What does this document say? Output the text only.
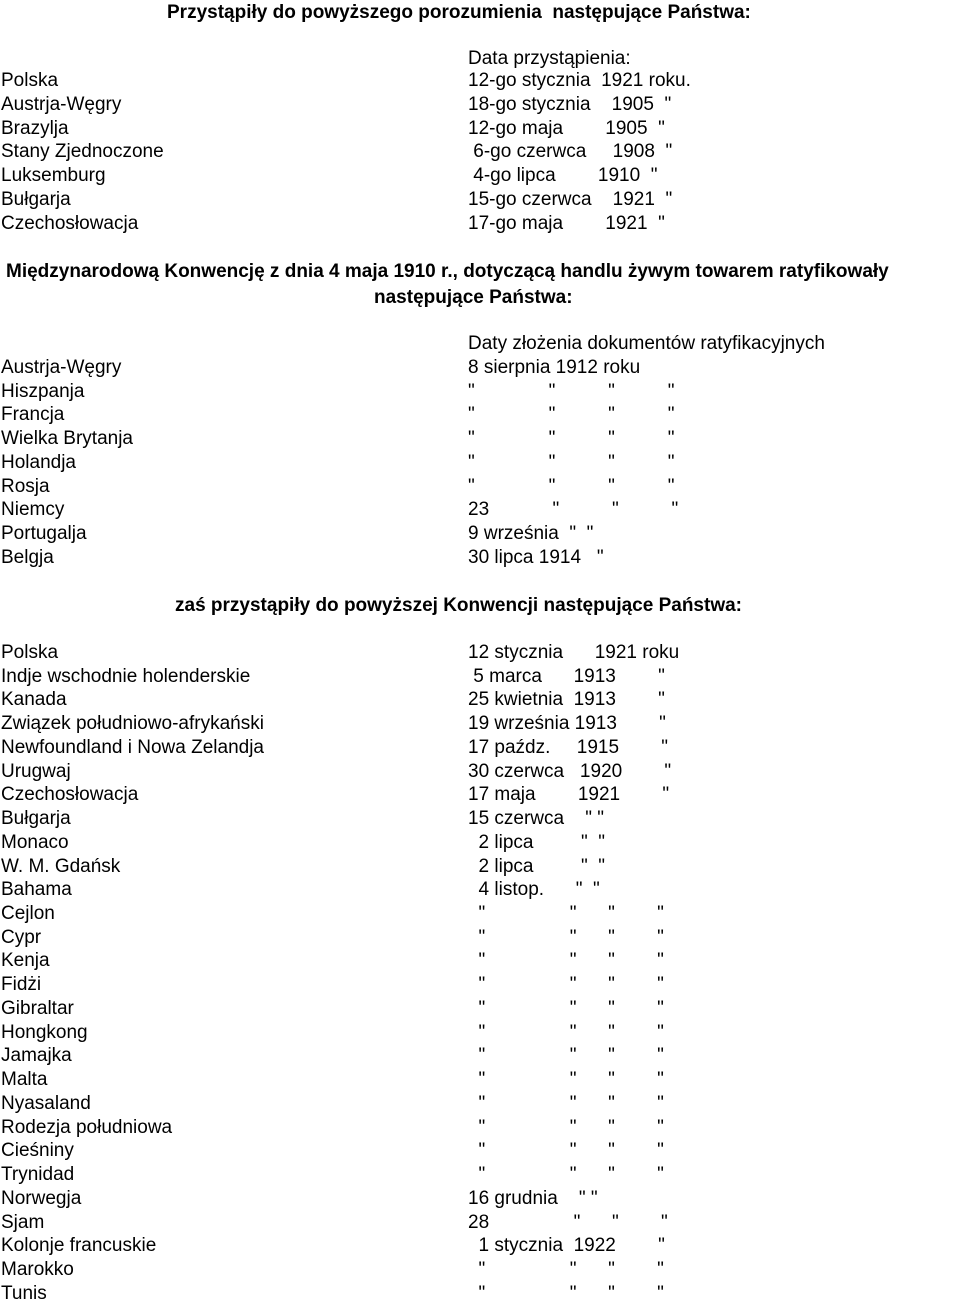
Przystąpiły do powyższego porozumienia  następujące Państwa:
Data przystąpienia:
Polska	12-go stycznia  1921 roku.
Austrja-Węgry	18-go stycznia    1905  "
Brazylja	12-go maja        1905  "
Stany Zjednoczone	6-go czerwca     1908  "
Luksemburg	4-go lipca        1910  "
Bułgarja	15-go czerwca    1921  "
Czechosłowacja	17-go maja        1921  "
Międzynarodową Konwencję z dnia 4 maja 1910 r., dotyczącą handlu żywym towarem ratyfikowały
następujące Państwa:
Daty złożenia dokumentów ratyfikacyjnych
Austrja-Węgry	8 sierpnia 1912 roku
Hiszpanja	"              "          "          "
Francja	"              "          "          "
Wielka Brytanja	"              "          "          "
Holandja	"              "          "          "
Rosja	"              "          "          "
Niemcy	23            "          "          "
Portugalja	9 września  "  "
Belgja	30 lipca 1914   "
zaś przystąpiły do powyższej Konwencji następujące Państwa:
Polska	12 stycznia      1921 roku
Indje wschodnie holenderskie	5 marca      1913        "
Kanada	25 kwietnia  1913        "
Związek południowo-afrykański	19 września 1913        "
Newfoundland i Nowa Zelandja	17 paźdz.     1915        "
Urugwaj	30 czerwca   1920        "
Czechosłowacja	17 maja        1921        "
Bułgarja	15 czerwca    " "
Monaco	2 lipca         "  "
W. M. Gdańsk	2 lipca         "  "
Bahama	4 listop.      "  "
Cejlon	"                "      "        "
Cypr	"                "      "        "
Kenja	"                "      "        "
Fidżi	"                "      "        "
Gibraltar	"                "      "        "
Hongkong	"                "      "        "
Jamajka	"                "      "        "
Malta	"                "      "        "
Nyasaland	"                "      "        "
Rodezja południowa	"                "      "        "
Cieśniny	"                "      "        "
Trynidad	"                "      "        "
Norwegja	16 grudnia    " "
Sjam	28                "      "        "
Kolonje francuskie	1 stycznia  1922        "
Marokko	"                "      "        "
Tunis	"                "      "        "
